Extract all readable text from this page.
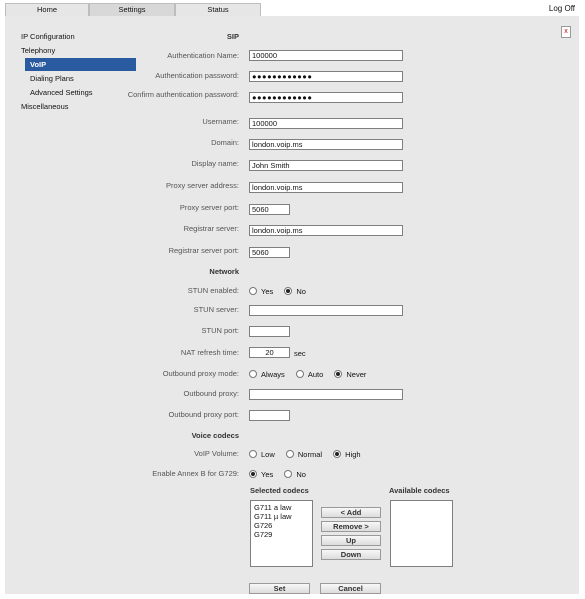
Home	Settings	Status	Log Off
x
IP Configuration
Telephony
VoIP
Dialing Plans
Advanced Settings
Miscellaneous
SIP
Authentication Name:	100000
Authentication password:	●●●●●●●●●●●●
Confirm authentication password:	●●●●●●●●●●●●
Username:	100000
Domain:	london.voip.ms
Display name:	John Smith
Proxy server address:	london.voip.ms
Proxy server port:	5060
Registrar server:	london.voip.ms
Registrar server port:	5060
Network
STUN enabled:	Yes	No
STUN server:
STUN port:
NAT refresh time:	20	sec
Outbound proxy mode:	Always	Auto	Never
Outbound proxy:
Outbound proxy port:
Voice codecs
VoIP Volume:	Low	Normal	High
Enable Annex B for G729:	Yes	No
Selected codecs	Available codecs
G711 a law
G711 µ law
G726
G729
< Add
Remove >
Up
Down
Set	Cancel
